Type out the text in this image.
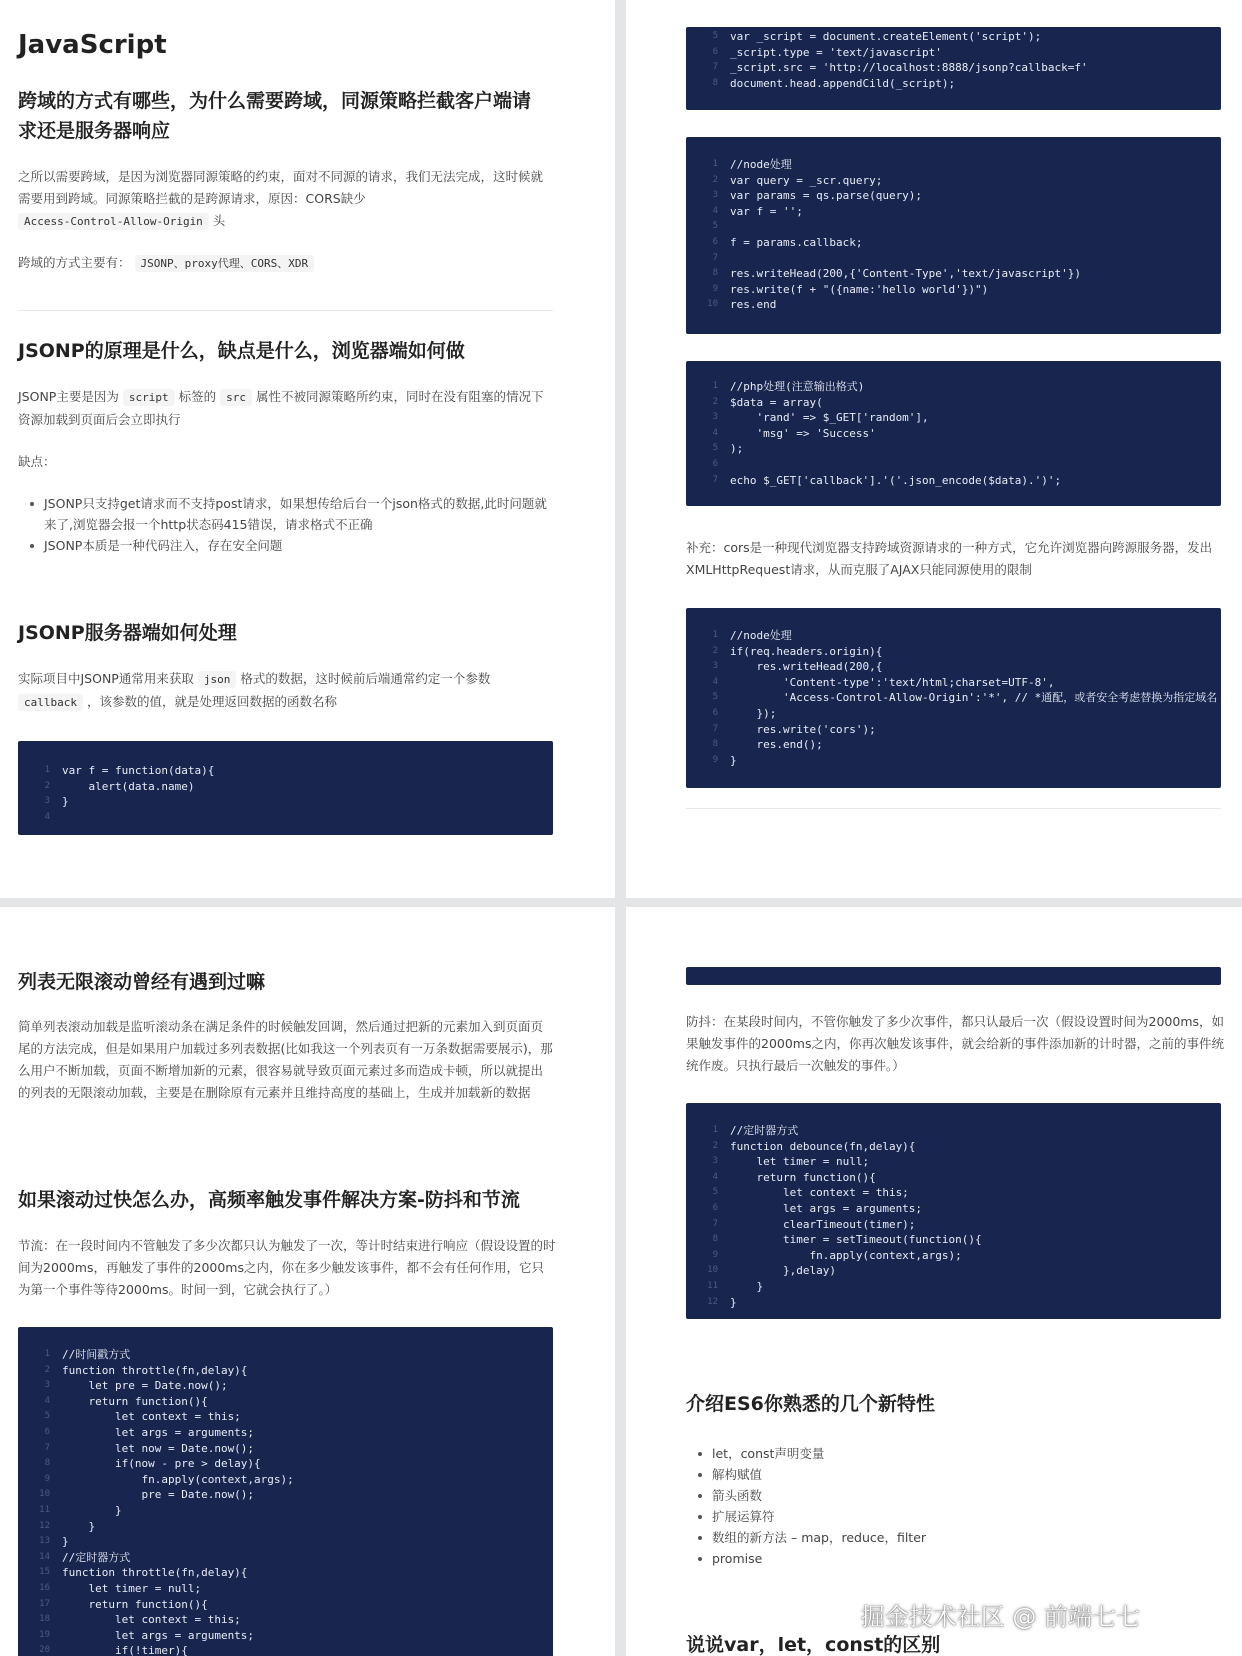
JavaScript
跨域的方式有哪些，为什么需要跨域，同源策略拦截客户端请求还是服务器响应
之所以需要跨域，是因为浏览器同源策略的约束，面对不同源的请求，我们无法完成，这时候就需要用到跨域。同源策略拦截的是跨源请求，原因：CORS缺少
Access-Control-Allow-Origin 头
跨域的方式主要有： JSONP、proxy代理、CORS、XDR
JSONP的原理是什么，缺点是什么，浏览器端如何做
JSONP主要是因为 script 标签的 src 属性不被同源策略所约束，同时在没有阻塞的情况下资源加载到页面后会立即执行
缺点：
JSONP只支持get请求而不支持post请求，如果想传给后台一个json格式的数据,此时问题就来了,浏览器会报一个http状态码415错误，请求格式不正确
JSONP本质是一种代码注入，存在安全问题
JSONP服务器端如何处理
实际项目中JSONP通常用来获取 json 格式的数据，这时候前后端通常约定一个参数 callback ，该参数的值，就是处理返回数据的函数名称
1	var f = function(data){
2	alert(data.name)
3	}
4
5	var _script = document.createElement('script');
6	_script.type = 'text/javascript'
7	_script.src = 'http://localhost:8888/jsonp?callback=f'
8	document.head.appendCild(_script);
1	//node处理
2	var query = _scr.query;
3	var params = qs.parse(query);
4	var f = '';
5
6	f = params.callback;
7
8	res.writeHead(200,{'Content-Type','text/javascript'})
9	res.write(f + "({name:'hello world'})")
10	res.end
1	//php处理(注意输出格式)
2	$data = array(
3	'rand' => $_GET['random'],
4	'msg' => 'Success'
5	);
6
7	echo $_GET['callback'].'('.json_encode($data).')';
补充：cors是一种现代浏览器支持跨域资源请求的一种方式，它允许浏览器向跨源服务器，发出XMLHttpRequest请求，从而克服了AJAX只能同源使用的限制
1	//node处理
2	if(req.headers.origin){
3	res.writeHead(200,{
4	'Content-type':'text/html;charset=UTF-8',
5	'Access-Control-Allow-Origin':'*', // *通配，或者安全考虑替换为指定域名
6	});
7	res.write('cors');
8	res.end();
9	}
列表无限滚动曾经有遇到过嘛
简单列表滚动加载是监听滚动条在满足条件的时候触发回调，然后通过把新的元素加入到页面页尾的方法完成，但是如果用户加载过多列表数据(比如我这一个列表页有一万条数据需要展示)，那么用户不断加载，页面不断增加新的元素，很容易就导致页面元素过多而造成卡顿，所以就提出的列表的无限滚动加载，主要是在删除原有元素并且维持高度的基础上，生成并加载新的数据
如果滚动过快怎么办，高频率触发事件解决方案-防抖和节流
节流：在一段时间内不管触发了多少次都只认为触发了一次，等计时结束进行响应（假设设置的时间为2000ms，再触发了事件的2000ms之内，你在多少触发该事件，都不会有任何作用，它只为第一个事件等待2000ms。时间一到，它就会执行了。）
1	//时间戳方式
2	function throttle(fn,delay){
3	let pre = Date.now();
4	return function(){
5	let context = this;
6	let args = arguments;
7	let now = Date.now();
8	if(now - pre > delay){
9	fn.apply(context,args);
10	pre = Date.now();
11	}
12	}
13	}
14	//定时器方式
15	function throttle(fn,delay){
16	let timer = null;
17	return function(){
18	let context = this;
19	let args = arguments;
20	if(!timer){
防抖：在某段时间内，不管你触发了多少次事件，都只认最后一次（假设设置时间为2000ms，如果触发事件的2000ms之内，你再次触发该事件，就会给新的事件添加新的计时器，之前的事件统统作废。只执行最后一次触发的事件。）
1	//定时器方式
2	function debounce(fn,delay){
3	let timer = null;
4	return function(){
5	let context = this;
6	let args = arguments;
7	clearTimeout(timer);
8	timer = setTimeout(function(){
9	fn.apply(context,args);
10	},delay)
11	}
12	}
介绍ES6你熟悉的几个新特性
let，const声明变量
解构赋值
箭头函数
扩展运算符
数组的新方法 – map，reduce，filter
promise
说说var，let，const的区别
掘金技术社区 @ 前端七七
